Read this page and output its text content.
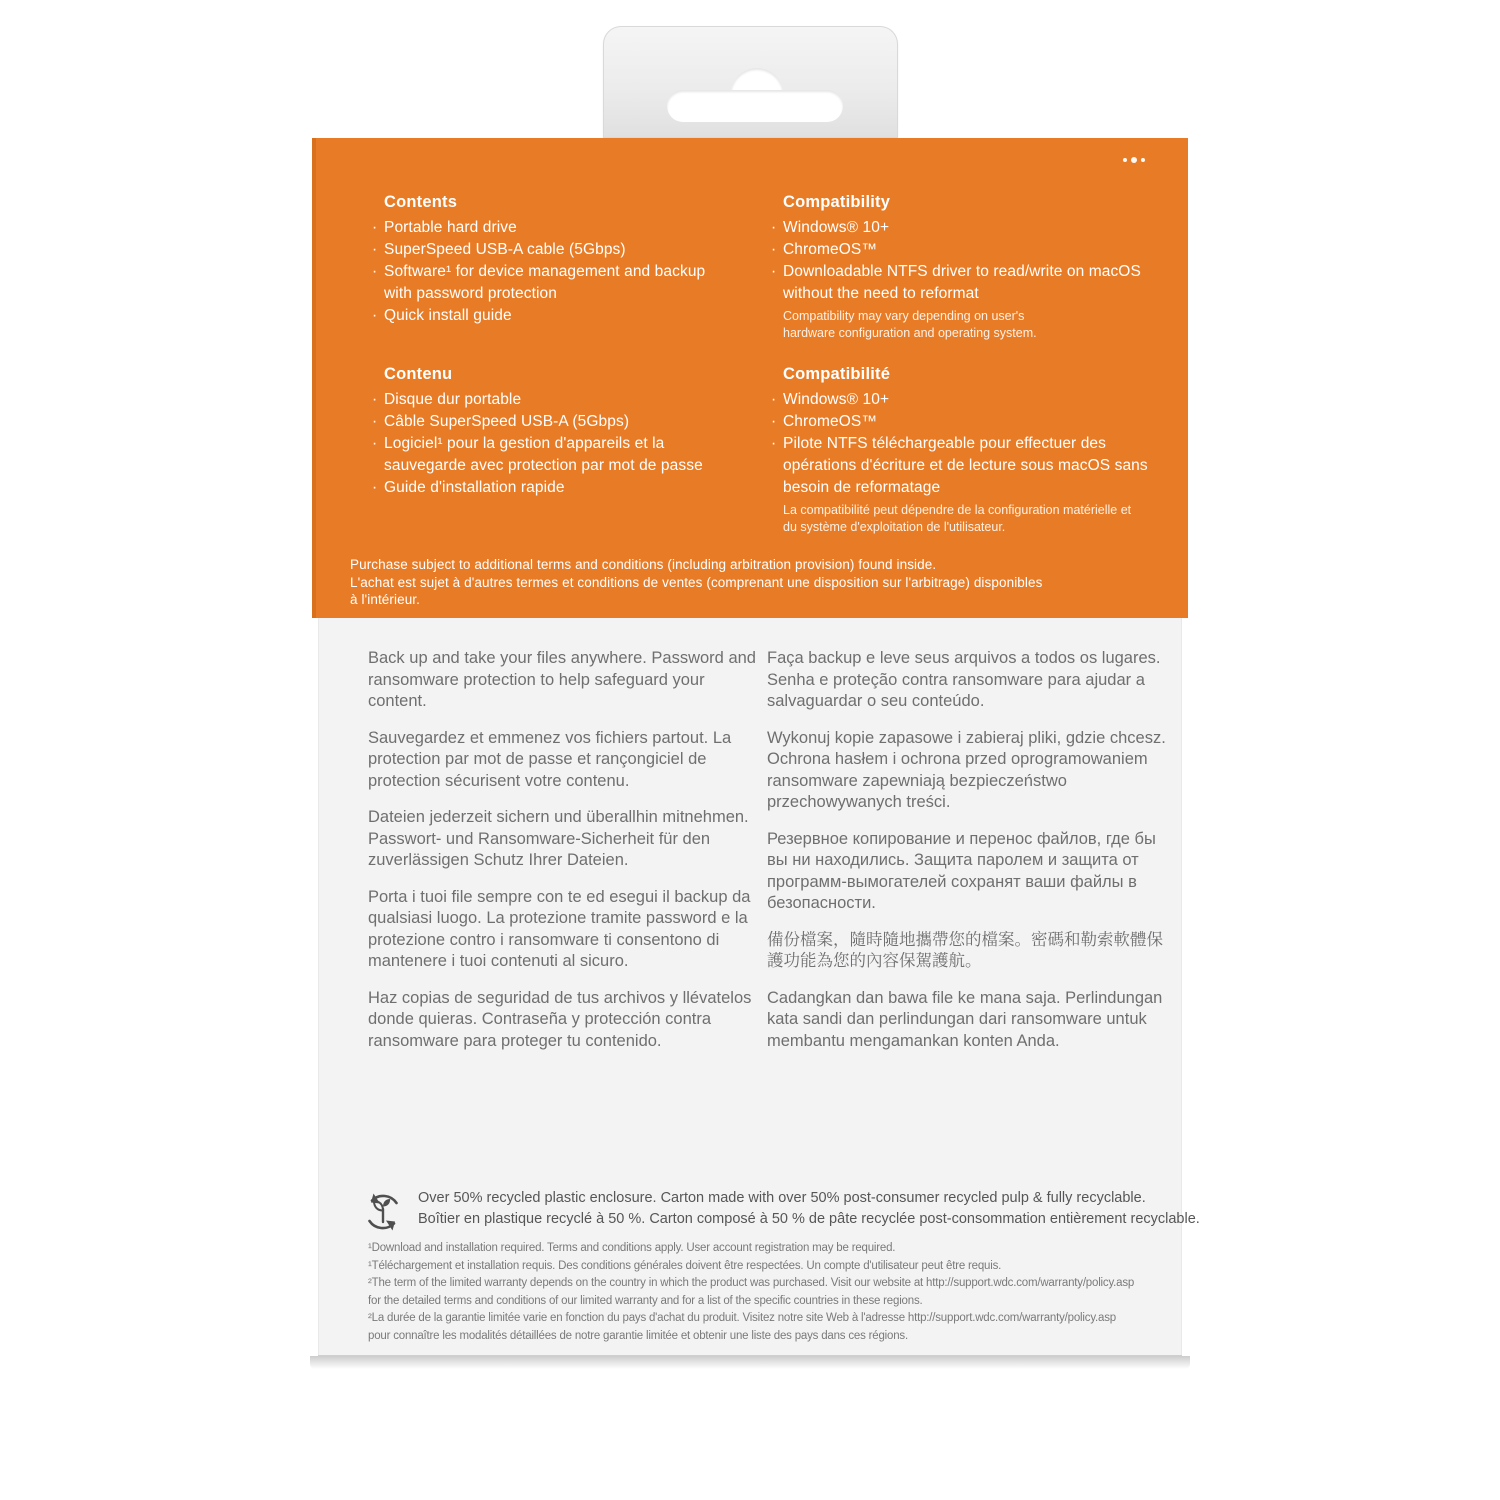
Contents
· Portable hard drive
· SuperSpeed USB-A cable (5Gbps)
· Software¹ for device management and backup with password protection
· Quick install guide
Compatibility
· Windows® 10+
· ChromeOS™
· Downloadable NTFS driver to read/write on macOS without the need to reformat
Compatibility may vary depending on user's
hardware configuration and operating system.
Contenu
· Disque dur portable
· Câble SuperSpeed USB-A (5Gbps)
· Logiciel¹ pour la gestion d'appareils et la sauvegarde avec protection par mot de passe
· Guide d'installation rapide
Compatibilité
· Windows® 10+
· ChromeOS™
· Pilote NTFS téléchargeable pour effectuer des opérations d'écriture et de lecture sous macOS sans besoin de reformatage
La compatibilité peut dépendre de la configuration matérielle et
du système d'exploitation de l'utilisateur.
Purchase subject to additional terms and conditions (including arbitration provision) found inside.
L'achat est sujet à d'autres termes et conditions de ventes (comprenant une disposition sur l'arbitrage) disponibles à l'intérieur.

Back up and take your files anywhere. Password and ransomware protection to help safeguard your content.

Sauvegardez et emmenez vos fichiers partout. La protection par mot de passe et rançongiciel de protection sécurisent votre contenu.

Dateien jederzeit sichern und überallhin mitnehmen. Passwort- und Ransomware-Sicherheit für den zuverlässigen Schutz Ihrer Dateien.

Porta i tuoi file sempre con te ed esegui il backup da qualsiasi luogo. La protezione tramite password e la protezione contro i ransomware ti consentono di mantenere i tuoi contenuti al sicuro.

Haz copias de seguridad de tus archivos y llévatelos donde quieras. Contraseña y protección contra ransomware para proteger tu contenido.

Faça backup e leve seus arquivos a todos os lugares. Senha e proteção contra ransomware para ajudar a salvaguardar o seu conteúdo.

Wykonuj kopie zapasowe i zabieraj pliki, gdzie chcesz. Ochrona hasłem i ochrona przed oprogramowaniem ransomware zapewniają bezpieczeństwo przechowywanych treści.

Резервное копирование и перенос файлов, где бы вы ни находились. Защита паролем и защита от программ-вымогателей сохранят ваши файлы в безопасности.

備份檔案，隨時隨地攜帶您的檔案。密碼和勒索軟體保護功能為您的內容保駕護航。

Cadangkan dan bawa file ke mana saja. Perlindungan kata sandi dan perlindungan dari ransomware untuk membantu mengamankan konten Anda.

Over 50% recycled plastic enclosure. Carton made with over 50% post-consumer recycled pulp & fully recyclable.
Boîtier en plastique recyclé à 50 %. Carton composé à 50 % de pâte recyclée post-consommation entièrement recyclable.
¹Download and installation required. Terms and conditions apply. User account registration may be required.
¹Téléchargement et installation requis. Des conditions générales doivent être respectées. Un compte d'utilisateur peut être requis.
²The term of the limited warranty depends on the country in which the product was purchased. Visit our website at http://support.wdc.com/warranty/policy.asp
for the detailed terms and conditions of our limited warranty and for a list of the specific countries in these regions.
²La durée de la garantie limitée varie en fonction du pays d'achat du produit. Visitez notre site Web à l'adresse http://support.wdc.com/warranty/policy.asp
pour connaître les modalités détaillées de notre garantie limitée et obtenir une liste des pays dans ces régions.
